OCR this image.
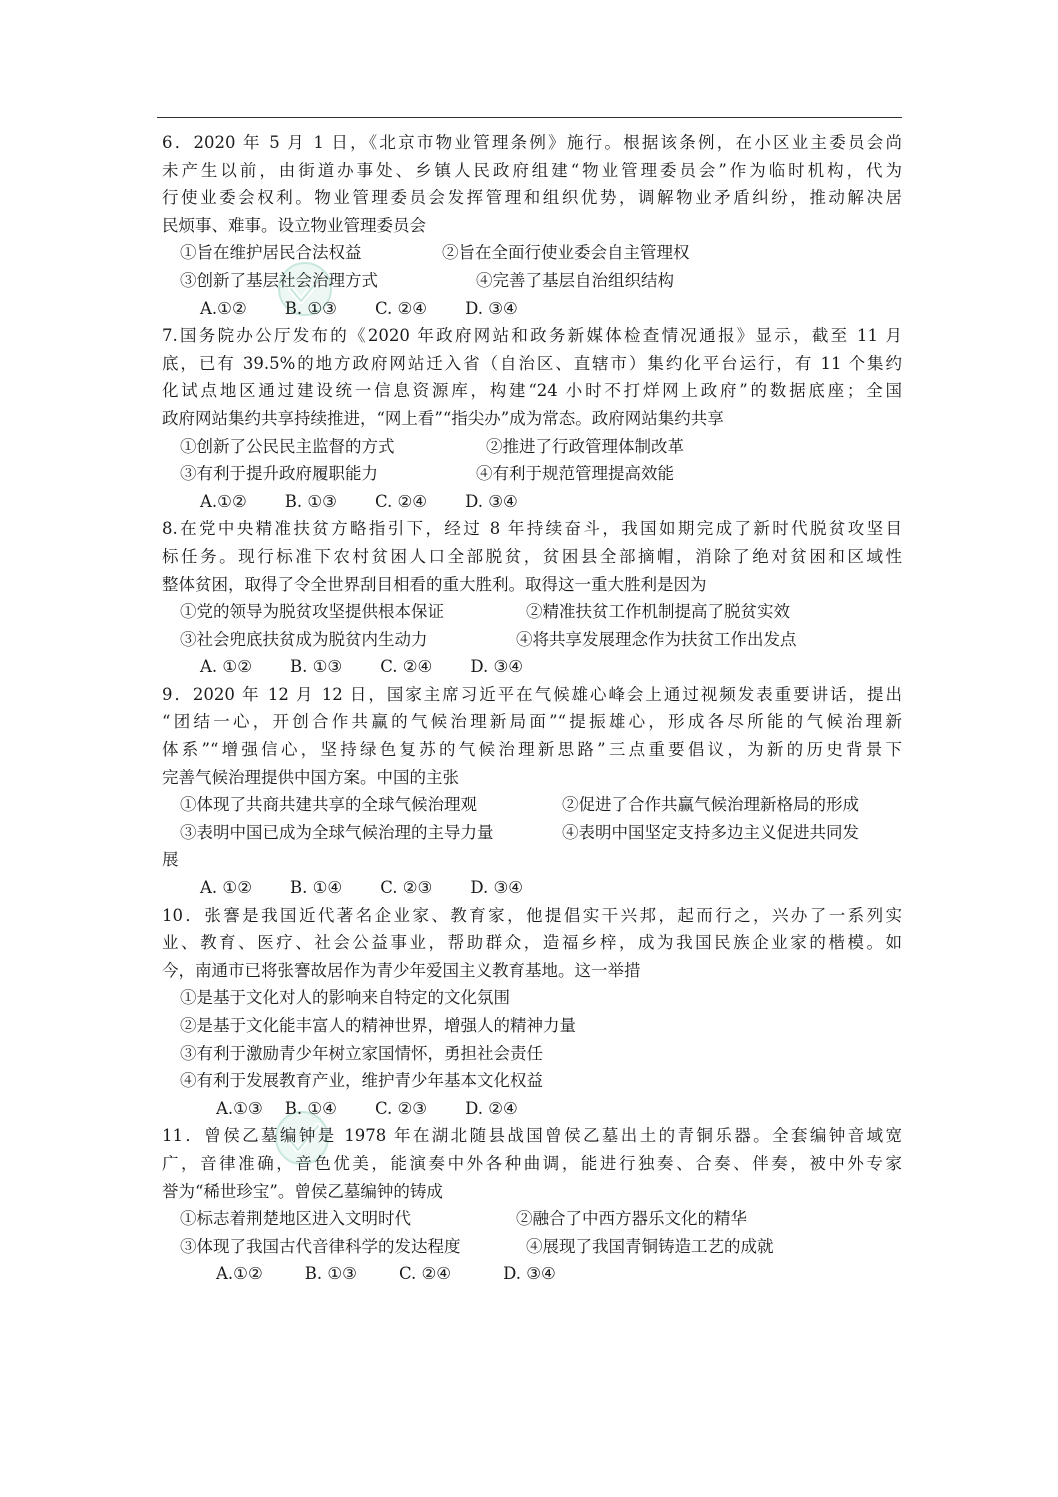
6．2020 年 5 月 1 日，《北京市物业管理条例》施行。根据该条例，在小区业主委员会尚
未产生以前，由街道办事处、乡镇人民政府组建“物业管理委员会”作为临时机构，代为
行使业委会权利。物业管理委员会发挥管理和组织优势，调解物业矛盾纠纷，推动解决居
民烦事、难事。设立物业管理委员会
①旨在维护居民合法权益	②旨在全面行使业委会自主管理权
③创新了基层社会治理方式	④完善了基层自治组织结构
A.①② B. ①③ C. ②④ D. ③④
7.国务院办公厅发布的《2020 年政府网站和政务新媒体检查情况通报》显示，截至 11 月
底，已有 39.5%的地方政府网站迁入省（自治区、直辖市）集约化平台运行，有 11 个集约
化试点地区通过建设统一信息资源库，构建“24 小时不打烊网上政府”的数据底座；全国
政府网站集约共享持续推进，“网上看”“指尖办”成为常态。政府网站集约共享
①创新了公民民主监督的方式	②推进了行政管理体制改革
③有利于提升政府履职能力	④有利于规范管理提高效能
A.①② B. ①③ C. ②④ D. ③④
8.在党中央精准扶贫方略指引下，经过 8 年持续奋斗，我国如期完成了新时代脱贫攻坚目
标任务。现行标准下农村贫困人口全部脱贫，贫困县全部摘帽，消除了绝对贫困和区域性
整体贫困，取得了令全世界刮目相看的重大胜利。取得这一重大胜利是因为
①党的领导为脱贫攻坚提供根本保证	②精准扶贫工作机制提高了脱贫实效
③社会兜底扶贫成为脱贫内生动力	④将共享发展理念作为扶贫工作出发点
A. ①② B. ①③ C. ②④ D. ③④
9．2020 年 12 月 12 日，国家主席习近平在气候雄心峰会上通过视频发表重要讲话，提出
“团结一心，开创合作共赢的气候治理新局面”“提振雄心，形成各尽所能的气候治理新
体系”“增强信心，坚持绿色复苏的气候治理新思路”三点重要倡议，为新的历史背景下
完善气候治理提供中国方案。中国的主张
①体现了共商共建共享的全球气候治理观	②促进了合作共赢气候治理新格局的形成
③表明中国已成为全球气候治理的主导力量	④表明中国坚定支持多边主义促进共同发
展
A. ①② B. ①④ C. ②③ D. ③④
10．张謇是我国近代著名企业家、教育家，他提倡实干兴邦，起而行之，兴办了一系列实
业、教育、医疗、社会公益事业，帮助群众，造福乡梓，成为我国民族企业家的楷模。如
今，南通市已将张謇故居作为青少年爱国主义教育基地。这一举措
①是基于文化对人的影响来自特定的文化氛围
②是基于文化能丰富人的精神世界，增强人的精神力量
③有利于激励青少年树立家国情怀，勇担社会责任
④有利于发展教育产业，维护青少年基本文化权益
A.①③ B. ①④ C. ②③ D. ②④
11．曾侯乙墓编钟是 1978 年在湖北随县战国曾侯乙墓出土的青铜乐器。全套编钟音域宽
广，音律准确，音色优美，能演奏中外各种曲调，能进行独奏、合奏、伴奏，被中外专家
誉为“稀世珍宝”。曾侯乙墓编钟的铸成
①标志着荆楚地区进入文明时代	②融合了中西方器乐文化的精华
③体现了我国古代音律科学的发达程度	④展现了我国青铜铸造工艺的成就
A.①②	B. ①③	C. ②④	D. ③④
